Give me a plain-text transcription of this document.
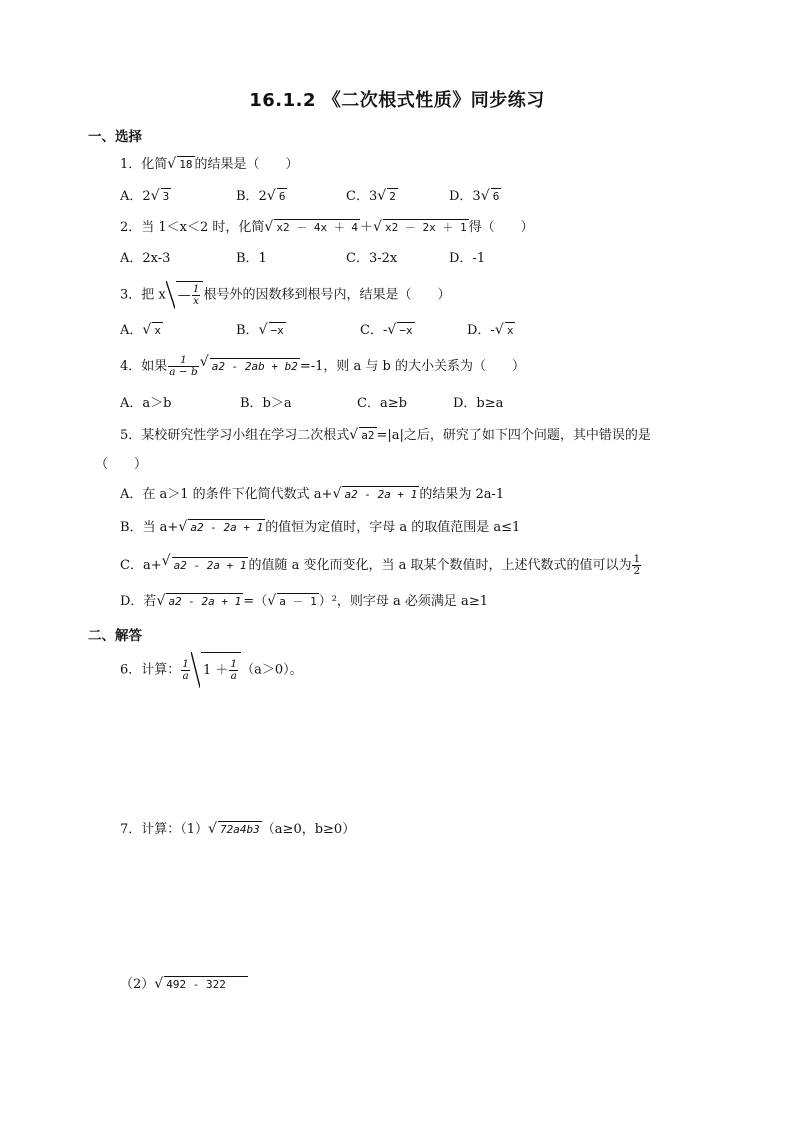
16.1.2 《二次根式性质》同步练习
一、选择
1．化简 √ 18 的结果是（　　）
A．2 √ 3	B．2 √ 6	C．3 √ 2	D．3 √ 6
2．当 1＜x＜2 时，化简 √ x2 － 4x ＋ 4 ＋ √ x2 － 2x ＋ 1 得（　　）
A．2x-3	B．1	C．3-2x	D．-1
3．把 x — $\frac{1}{x}$ 根号外的因数移到根号内，结果是（　　）
A． √ x	B． √ −x	C．- √ −x	D．- √ x
4．如果 $\frac{1}{a - b}$ √ a2 - 2ab + b2 =-1，则 a 与 b 的大小关系为（　　）
A．a＞b	B．b＞a	C．a≥b	D．b≥a
5．某校研究性学习小组在学习二次根式 √ a2 =|a|之后，研究了如下四个问题，其中错误的是
（　　）
A．在 a＞1 的条件下化简代数式 a+ √ a2 - 2a + 1 的结果为 2a-1
B．当 a+ √ a2 - 2a + 1 的值恒为定值时，字母 a 的取值范围是 a≤1
C．a+ √ a2 - 2a + 1 的值随 a 变化而变化，当 a 取某个数值时，上述代数式的值可以为 $\frac{1}{2}$
D．若 √ a2 - 2a + 1 =（ √ a － 1 ）²，则字母 a 必须满足 a≥1
二、解答
6．计算： $\frac{1}{a} 1 + \frac{1}{a} (a>0)$。
7．计算：（1） √ 72a4b3 （a≥0，b≥0）
（2） √ 492 - 322
